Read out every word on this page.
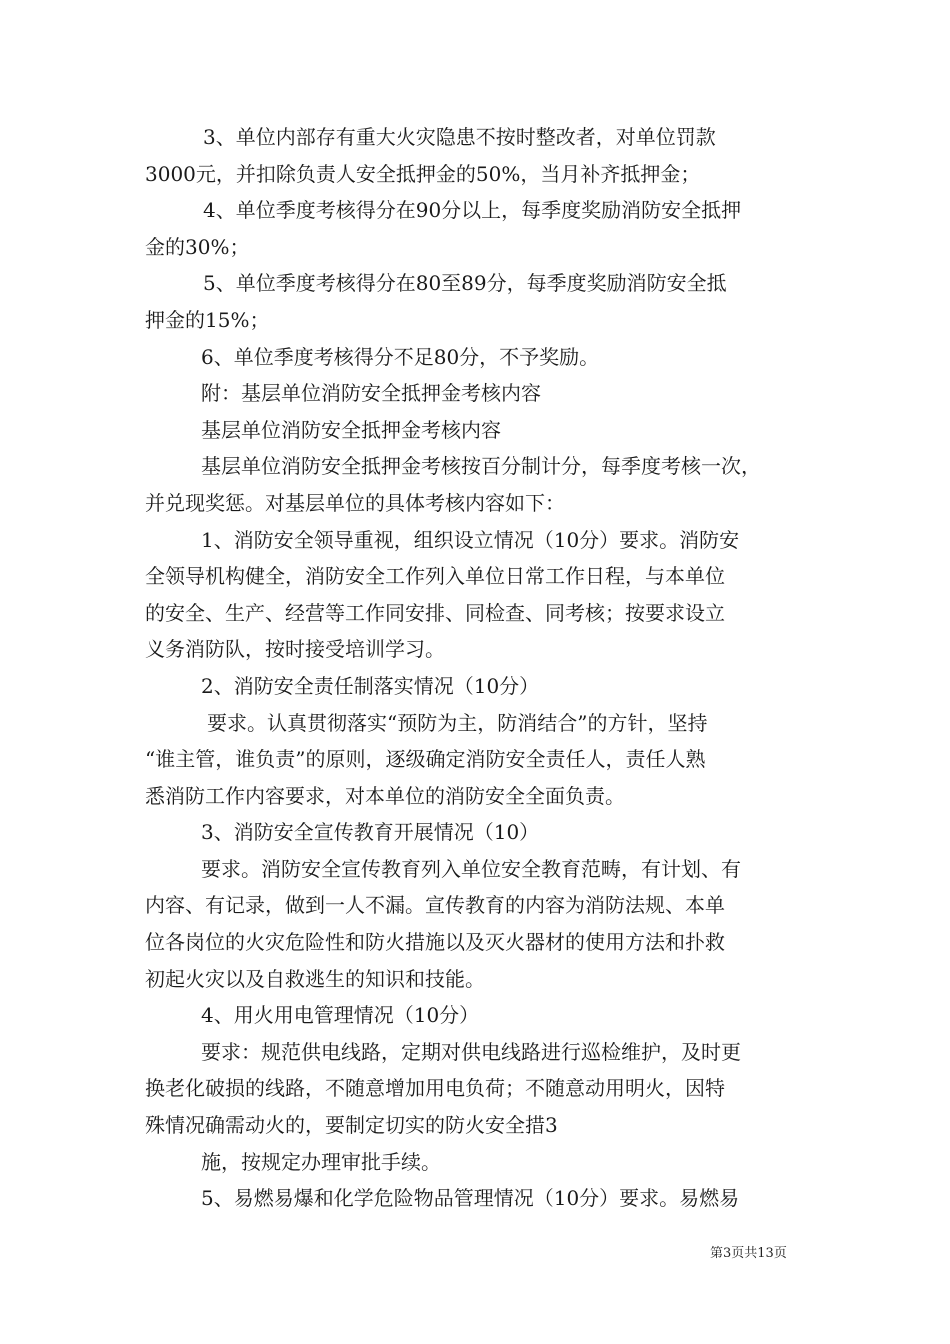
3、单位内部存有重大火灾隐患不按时整改者，对单位罚款
3000元，并扣除负责人安全抵押金的50%，当月补齐抵押金；
4、单位季度考核得分在90分以上，每季度奖励消防安全抵押
金的30%；
5、单位季度考核得分在80至89分，每季度奖励消防安全抵
押金的15%；
6、单位季度考核得分不足80分，不予奖励。
附：基层单位消防安全抵押金考核内容
基层单位消防安全抵押金考核内容
基层单位消防安全抵押金考核按百分制计分，每季度考核一次，
并兑现奖惩。对基层单位的具体考核内容如下：
1、消防安全领导重视，组织设立情况（10分）要求。消防安
全领导机构健全，消防安全工作列入单位日常工作日程，与本单位
的安全、生产、经营等工作同安排、同检查、同考核；按要求设立
义务消防队，按时接受培训学习。
2、消防安全责任制落实情况（10分）
要求。认真贯彻落实“预防为主，防消结合”的方针，坚持
“谁主管，谁负责”的原则，逐级确定消防安全责任人，责任人熟
悉消防工作内容要求，对本单位的消防安全全面负责。
3、消防安全宣传教育开展情况（10）
要求。消防安全宣传教育列入单位安全教育范畴，有计划、有
内容、有记录，做到一人不漏。宣传教育的内容为消防法规、本单
位各岗位的火灾危险性和防火措施以及灭火器材的使用方法和扑救
初起火灾以及自救逃生的知识和技能。
4、用火用电管理情况（10分）
要求：规范供电线路，定期对供电线路进行巡检维护，及时更
换老化破损的线路，不随意增加用电负荷；不随意动用明火，因特
殊情况确需动火的，要制定切实的防火安全措3
施，按规定办理审批手续。
5、易燃易爆和化学危险物品管理情况（10分）要求。易燃易
第3页共13页
